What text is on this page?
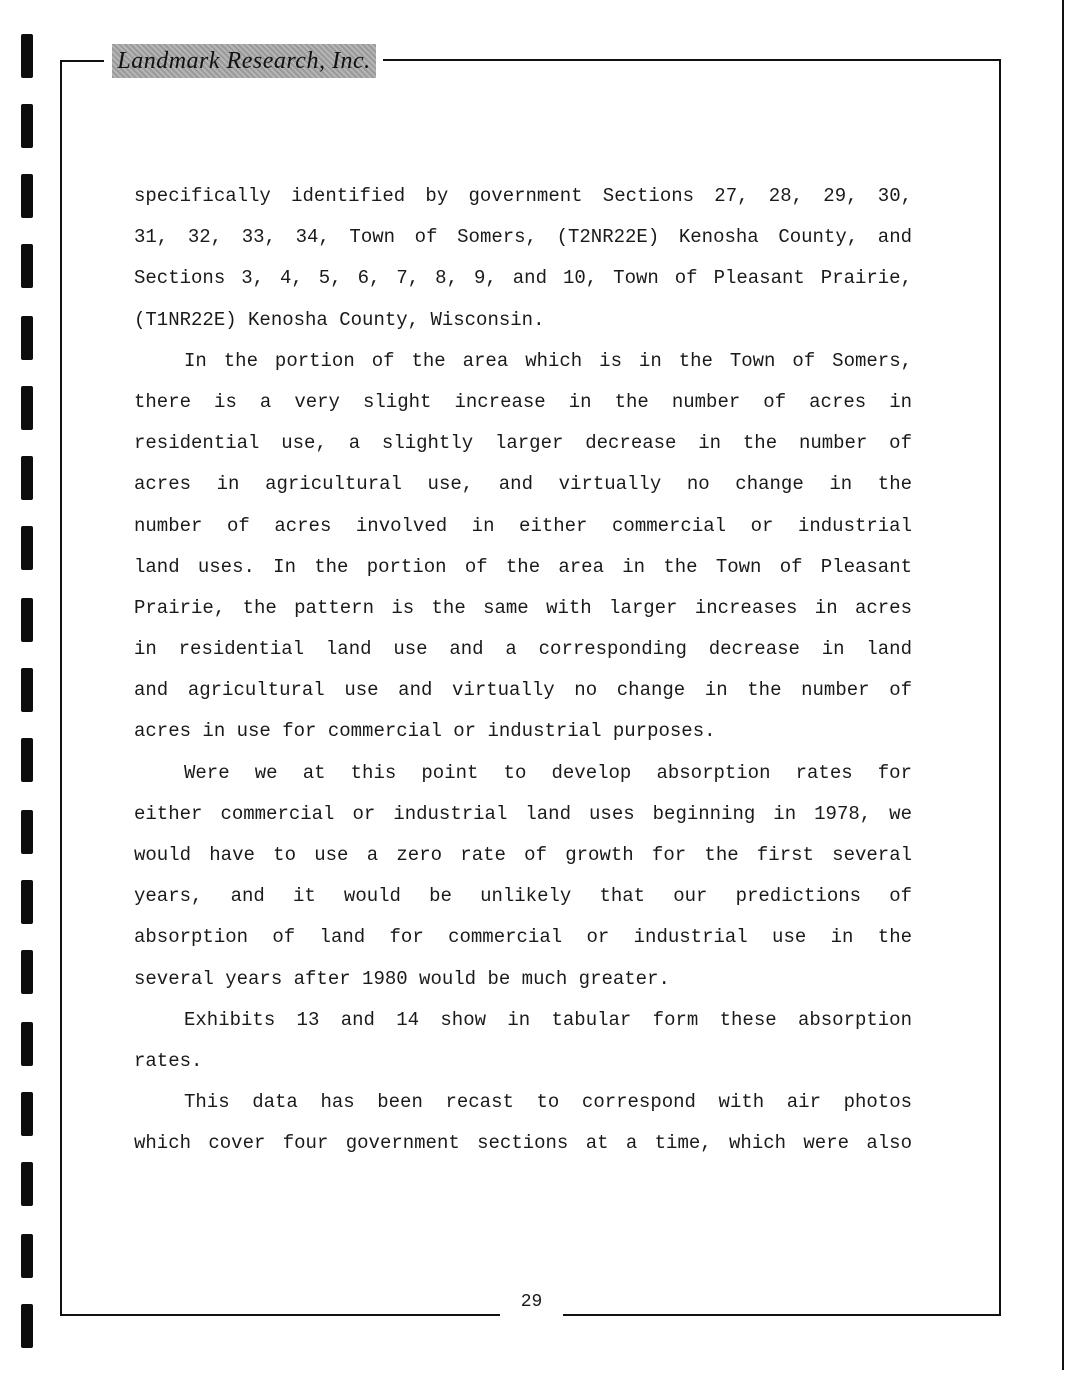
Landmark Research, Inc.
specifically identified by government Sections 27, 28, 29, 30,
31, 32, 33, 34, Town of Somers, (T2NR22E) Kenosha County, and
Sections 3, 4, 5, 6, 7, 8, 9, and 10, Town of Pleasant Prairie,
(T1NR22E) Kenosha County, Wisconsin.
In the portion of the area which is in the Town of Somers,
there is a very slight increase in the number of acres in
residential use, a slightly larger decrease in the number of
acres in agricultural use, and virtually no change in the
number of acres involved in either commercial or industrial
land uses. In the portion of the area in the Town of Pleasant
Prairie, the pattern is the same with larger increases in acres
in residential land use and a corresponding decrease in land
and agricultural use and virtually no change in the number of
acres in use for commercial or industrial purposes.
Were we at this point to develop absorption rates for
either commercial or industrial land uses beginning in 1978, we
would have to use a zero rate of growth for the first several
years, and it would be unlikely that our predictions of
absorption of land for commercial or industrial use in the
several years after 1980 would be much greater.
Exhibits 13 and 14 show in tabular form these absorption
rates.
This data has been recast to correspond with air photos
which cover four government sections at a time, which were also
29
